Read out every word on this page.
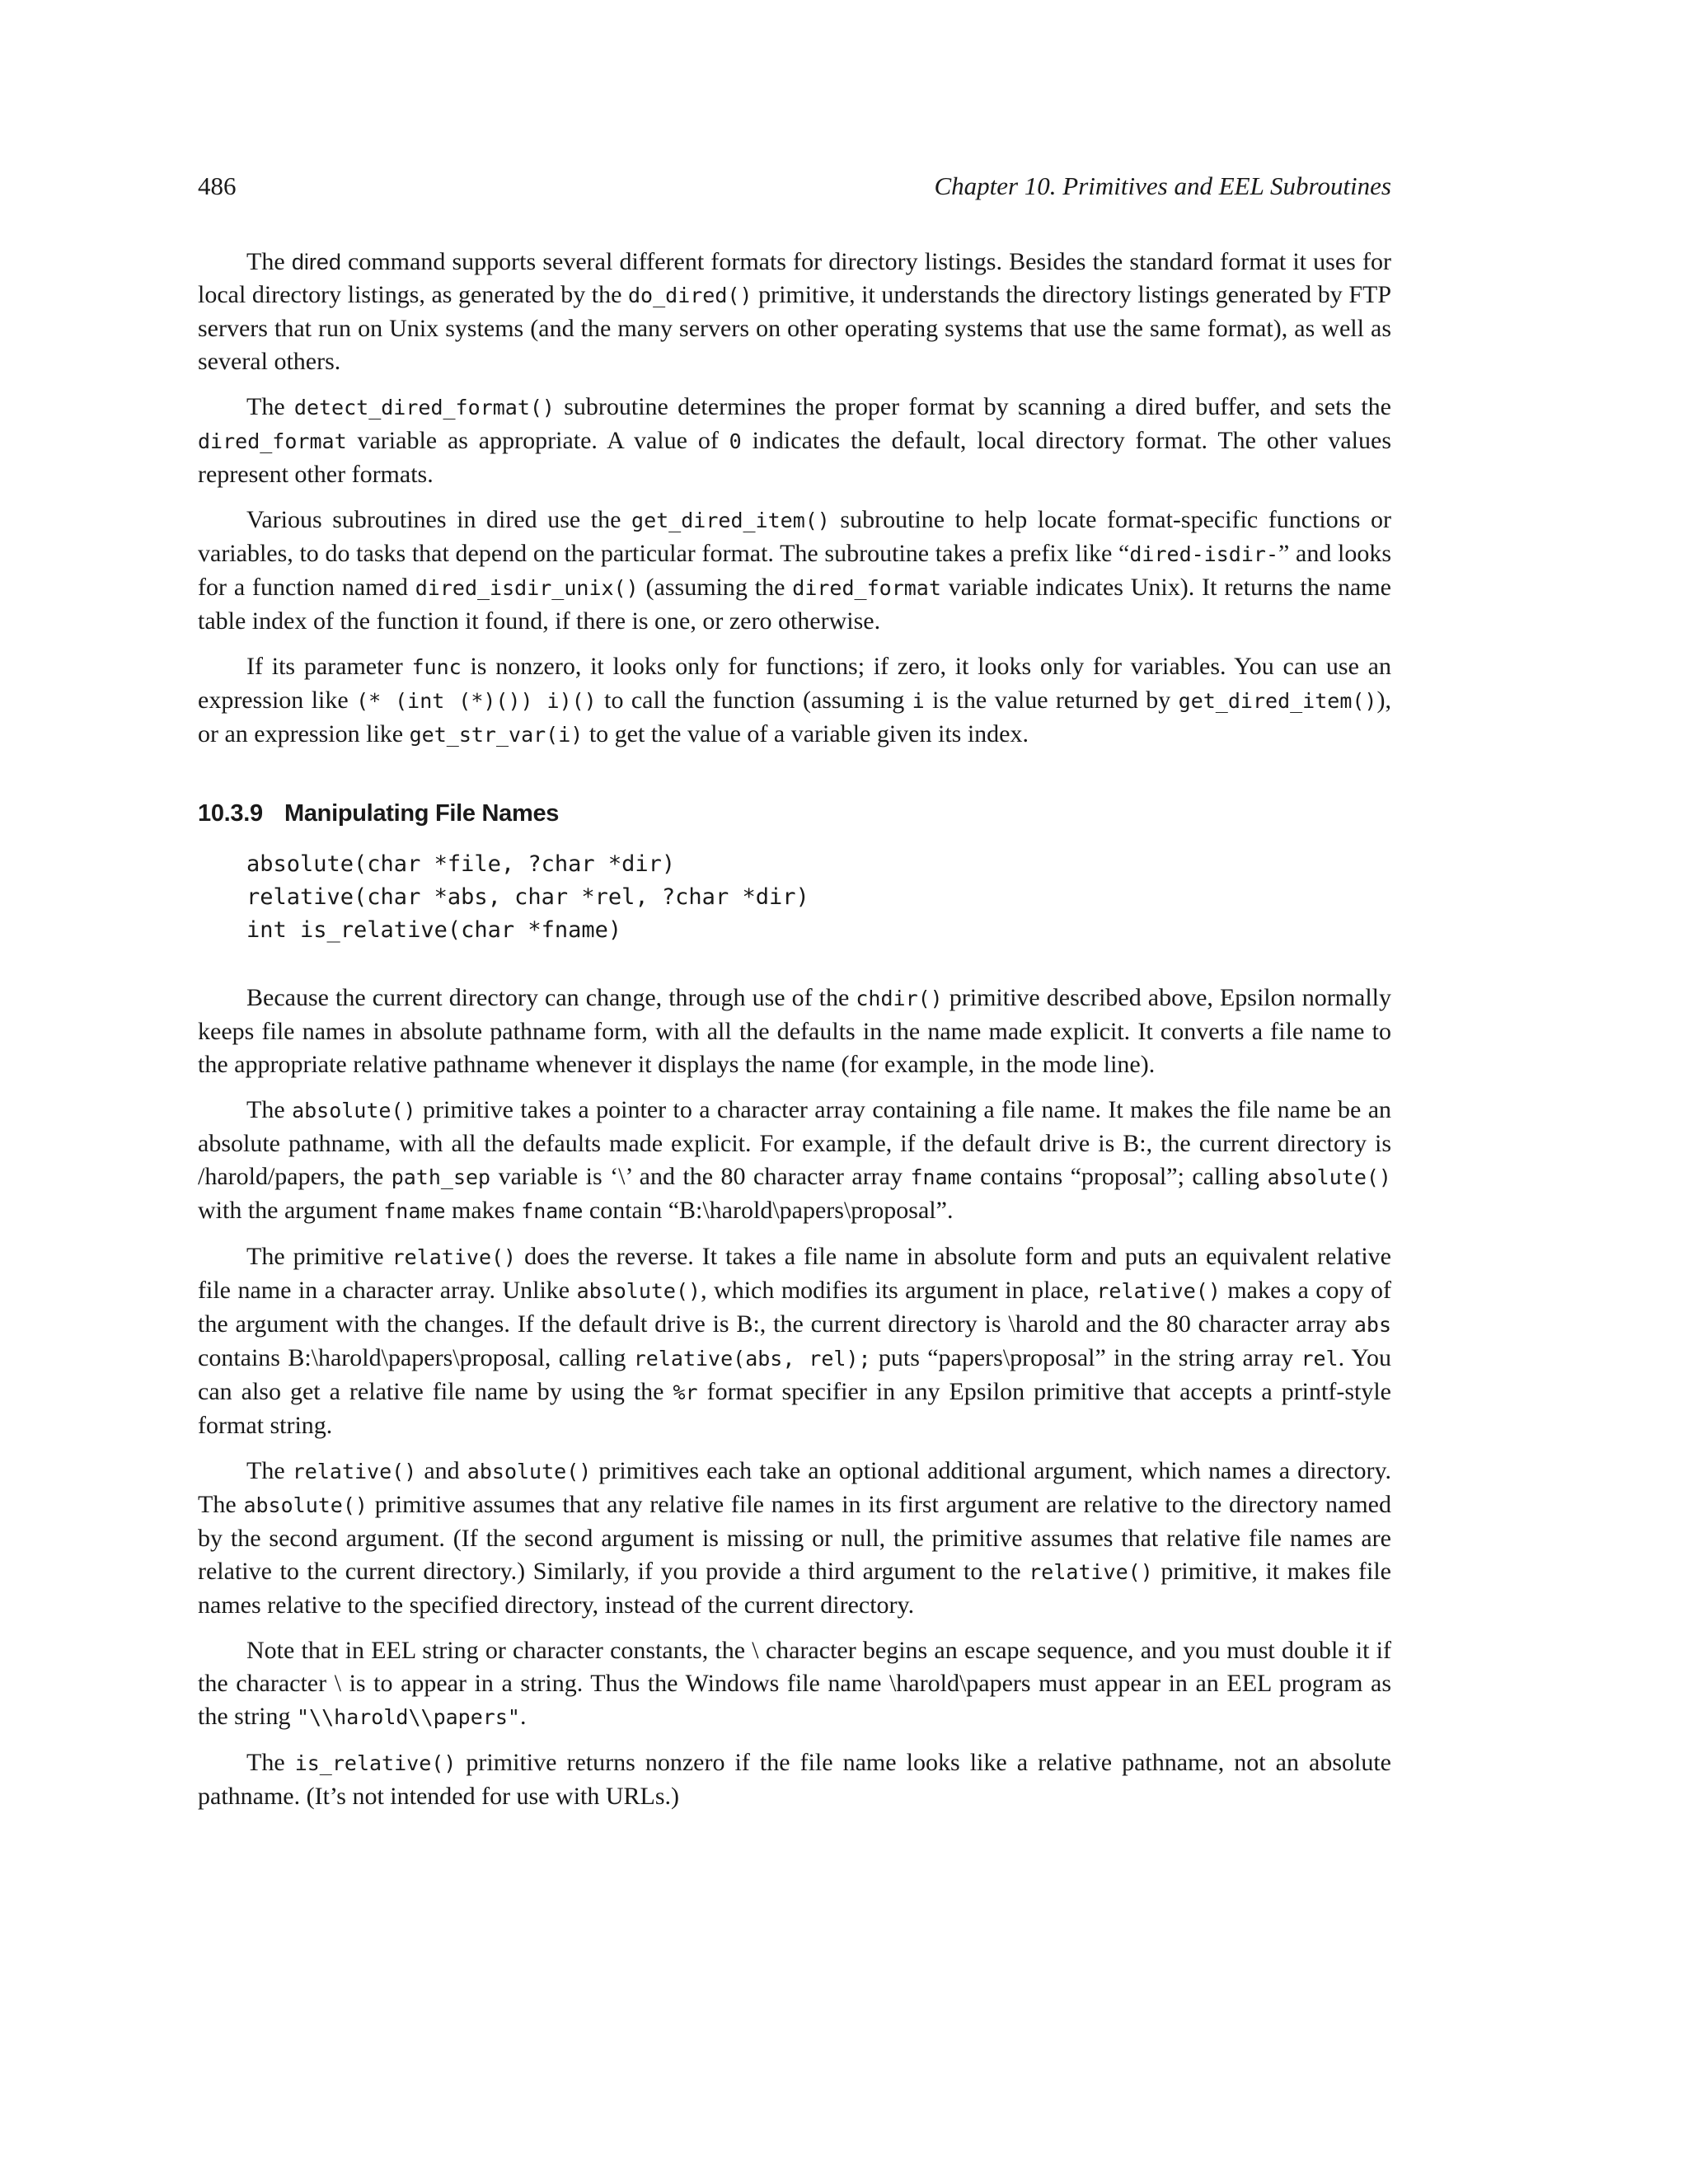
486	Chapter 10. Primitives and EEL Subroutines

The dired command supports several different formats for directory listings. Besides the standard format it uses for local directory listings, as generated by the do_dired() primitive, it understands the directory listings generated by FTP servers that run on Unix systems (and the many servers on other operating systems that use the same format), as well as several others.

The detect_dired_format() subroutine determines the proper format by scanning a dired buffer, and sets the dired_format variable as appropriate. A value of 0 indicates the default, local directory format. The other values represent other formats.

Various subroutines in dired use the get_dired_item() subroutine to help locate format-specific functions or variables, to do tasks that depend on the particular format. The subroutine takes a prefix like “dired-isdir-” and looks for a function named dired_isdir_unix() (assuming the dired_format variable indicates Unix). It returns the name table index of the function it found, if there is one, or zero otherwise.

If its parameter func is nonzero, it looks only for functions; if zero, it looks only for variables. You can use an expression like (* (int (*)()) i)() to call the function (assuming i is the value returned by get_dired_item()), or an expression like get_str_var(i) to get the value of a variable given its index.

10.3.9 Manipulating File Names
absolute(char *file, ?char *dir)
relative(char *abs, char *rel, ?char *dir)
int is_relative(char *fname)

Because the current directory can change, through use of the chdir() primitive described above, Epsilon normally keeps file names in absolute pathname form, with all the defaults in the name made explicit. It converts a file name to the appropriate relative pathname whenever it displays the name (for example, in the mode line).

The absolute() primitive takes a pointer to a character array containing a file name. It makes the file name be an absolute pathname, with all the defaults made explicit. For example, if the default drive is B:, the current directory is /harold/papers, the path_sep variable is ‘\’ and the 80 character array fname contains “proposal”; calling absolute() with the argument fname makes fname contain “B:\harold\papers\proposal”.

The primitive relative() does the reverse. It takes a file name in absolute form and puts an equivalent relative file name in a character array. Unlike absolute(), which modifies its argument in place, relative() makes a copy of the argument with the changes. If the default drive is B:, the current directory is \harold and the 80 character array abs contains B:\harold\papers\proposal, calling relative(abs, rel); puts “papers\proposal” in the string array rel. You can also get a relative file name by using the %r format specifier in any Epsilon primitive that accepts a printf-style format string.

The relative() and absolute() primitives each take an optional additional argument, which names a directory. The absolute() primitive assumes that any relative file names in its first argument are relative to the directory named by the second argument. (If the second argument is missing or null, the primitive assumes that relative file names are relative to the current directory.) Similarly, if you provide a third argument to the relative() primitive, it makes file names relative to the specified directory, instead of the current directory.

Note that in EEL string or character constants, the \ character begins an escape sequence, and you must double it if the character \ is to appear in a string. Thus the Windows file name \harold\papers must appear in an EEL program as the string "\\harold\\papers".

The is_relative() primitive returns nonzero if the file name looks like a relative pathname, not an absolute pathname. (It’s not intended for use with URLs.)
